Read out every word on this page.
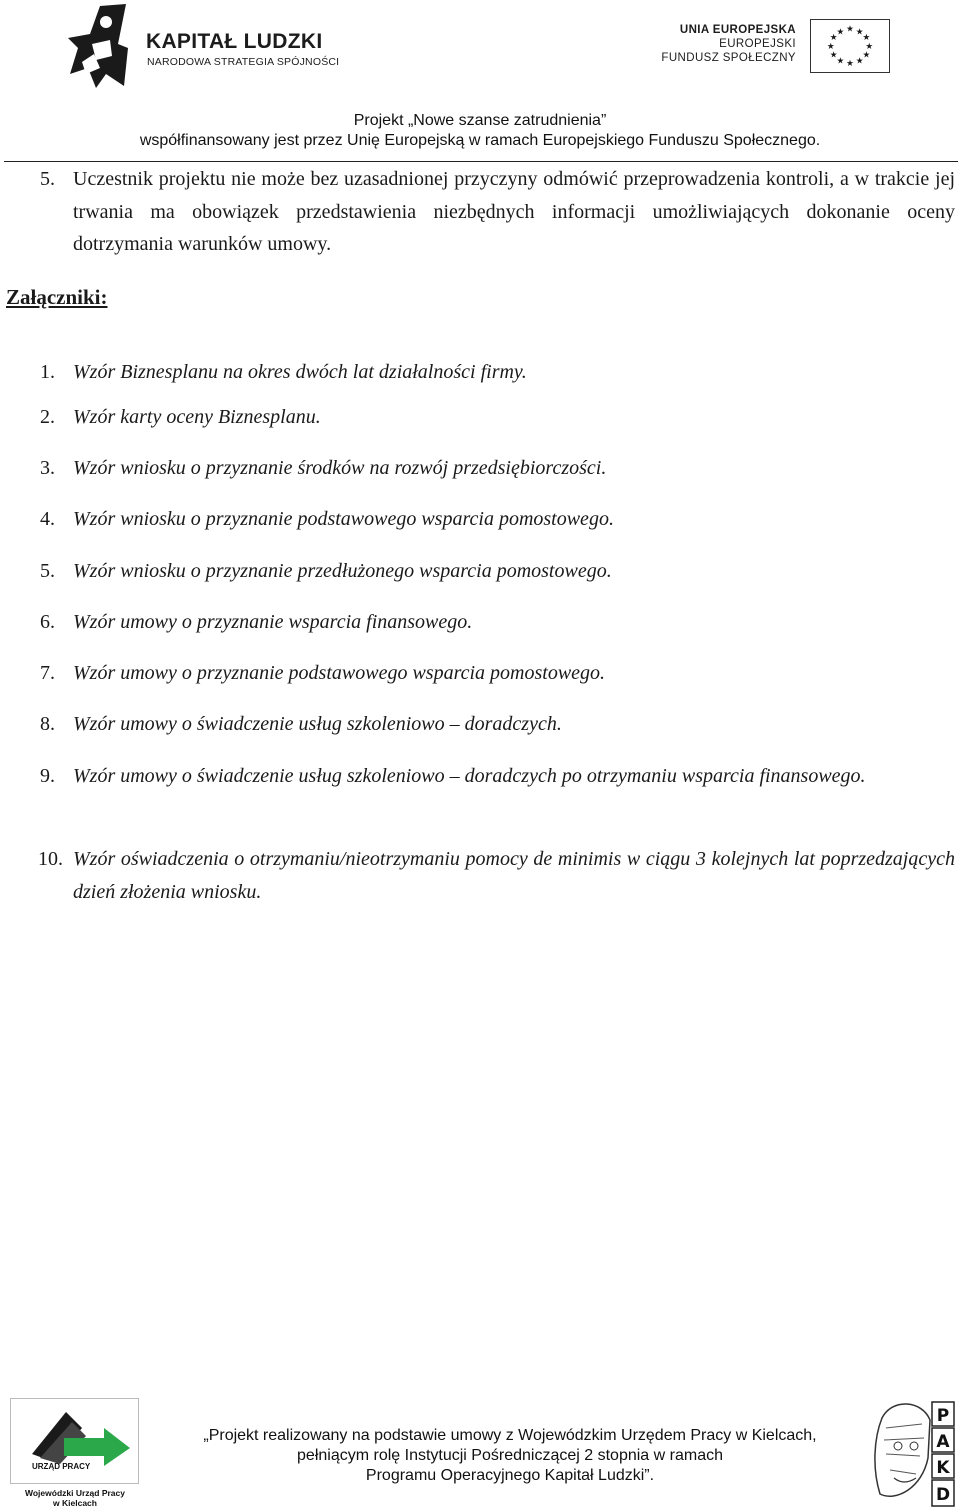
KAPITAŁ LUDZKI
NARODOWA STRATEGIA SPÓJNOŚCI
UNIA EUROPEJSKA
EUROPEJSKI
FUNDUSZ SPOŁECZNY
★ ★
★
★
★
★
★
★
★
★
★
★
Projekt „Nowe szanse zatrudnienia”
współfinansowany jest przez Unię Europejską w ramach Europejskiego Funduszu Społecznego.
5. Uczestnik projektu nie może bez uzasadnionej przyczyny odmówić przeprowadzenia kontroli, a w trakcie jej trwania ma obowiązek przedstawienia niezbędnych informacji umożliwiających dokonanie oceny dotrzymania warunków umowy.
Załączniki:
1. Wzór Biznesplanu na okres dwóch lat działalności firmy.
2. Wzór karty oceny Biznesplanu.
3. Wzór wniosku o przyznanie środków na rozwój przedsiębiorczości.
4. Wzór wniosku o przyznanie podstawowego wsparcia pomostowego.
5. Wzór wniosku o przyznanie przedłużonego wsparcia pomostowego.
6. Wzór umowy o przyznanie wsparcia finansowego.
7. Wzór umowy o przyznanie podstawowego wsparcia pomostowego.
8. Wzór umowy o świadczenie usług szkoleniowo – doradczych.
9. Wzór umowy o świadczenie usług szkoleniowo – doradczych po otrzymaniu wsparcia finansowego.
10. Wzór oświadczenia o otrzymaniu/nieotrzymaniu pomocy de minimis w ciągu 3 kolejnych lat poprzedzających dzień złożenia wniosku.
URZĄD PRACY
Wojewódzki Urząd Pracy
w Kielcach
„Projekt realizowany na podstawie umowy z Wojewódzkim Urzędem Pracy w Kielcach,
pełniącym rolę Instytucji Pośredniczącej 2 stopnia w ramach
Programu Operacyjnego Kapitał Ludzki”.
P
A
K
D
